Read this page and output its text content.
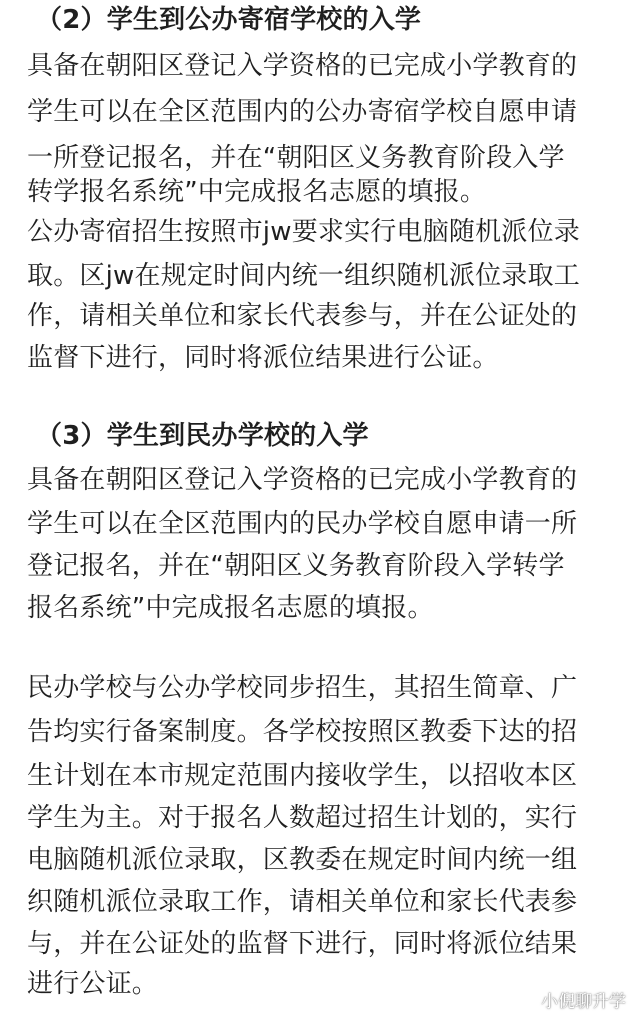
（2）学生到公办寄宿学校的入学
具备在朝阳区登记入学资格的已完成小学教育的
学生可以在全区范围内的公办寄宿学校自愿申请
一所登记报名，并在“朝阳区义务教育阶段入学
转学报名系统”中完成报名志愿的填报。
公办寄宿招生按照市jw要求实行电脑随机派位录
取。区jw在规定时间内统一组织随机派位录取工
作，请相关单位和家长代表参与，并在公证处的
监督下进行，同时将派位结果进行公证。
（3）学生到民办学校的入学
具备在朝阳区登记入学资格的已完成小学教育的
学生可以在全区范围内的民办学校自愿申请一所
登记报名，并在“朝阳区义务教育阶段入学转学
报名系统”中完成报名志愿的填报。
民办学校与公办学校同步招生，其招生简章、广
告均实行备案制度。各学校按照区教委下达的招
生计划在本市规定范围内接收学生，以招收本区
学生为主。对于报名人数超过招生计划的，实行
电脑随机派位录取，区教委在规定时间内统一组
织随机派位录取工作，请相关单位和家长代表参
与，并在公证处的监督下进行，同时将派位结果
进行公证。
小倪聊升学
